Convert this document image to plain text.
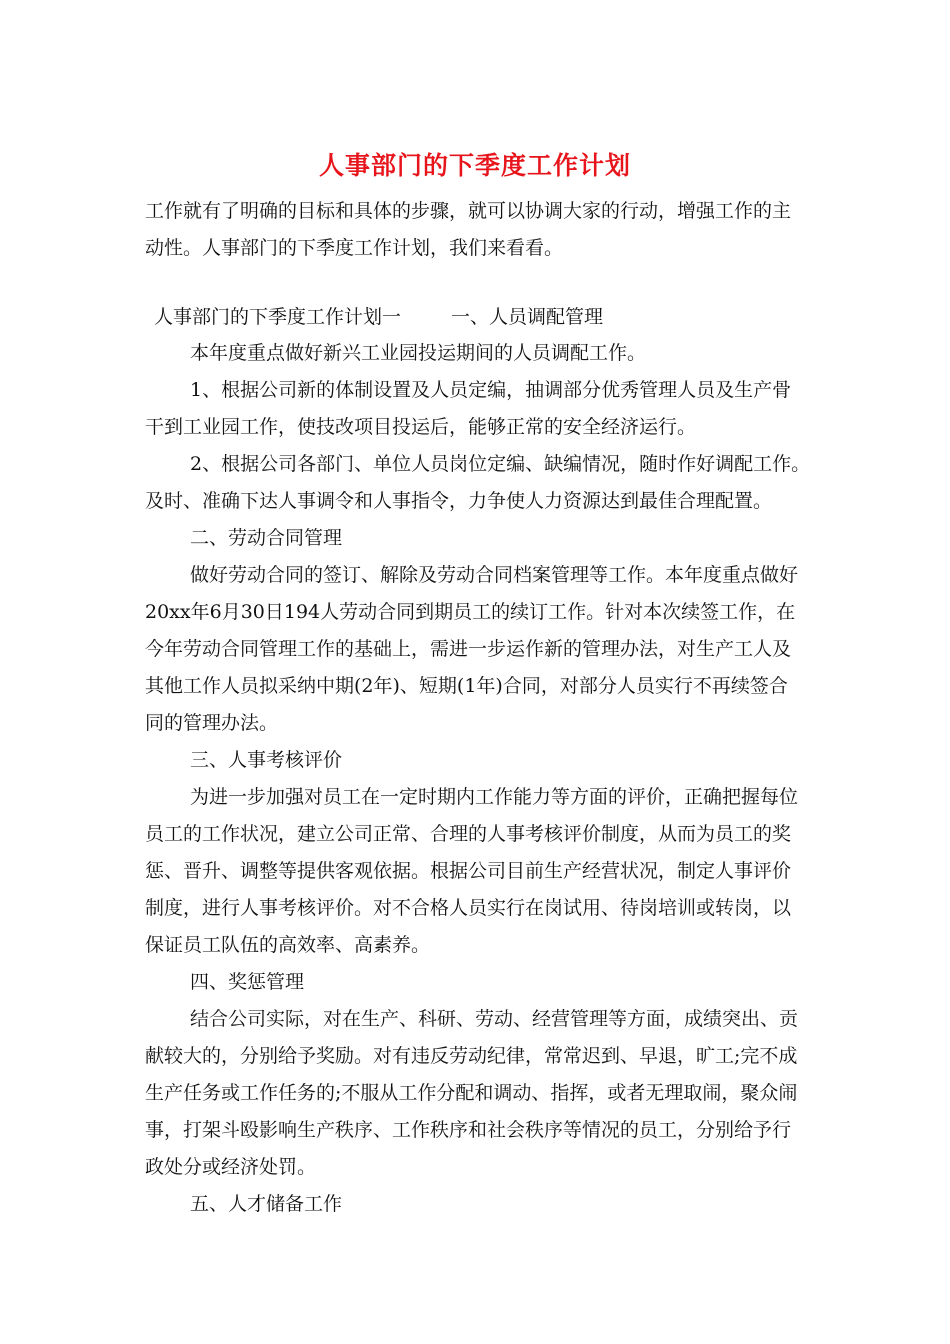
人事部门的下季度工作计划
工作就有了明确的目标和具体的步骤，就可以协调大家的行动，增强工作的主
动性。人事部门的下季度工作计划，我们来看看。
人事部门的下季度工作计划一	一、人员调配管理
本年度重点做好新兴工业园投运期间的人员调配工作。
1、根据公司新的体制设置及人员定编，抽调部分优秀管理人员及生产骨
干到工业园工作，使技改项目投运后，能够正常的安全经济运行。
2、根据公司各部门、单位人员岗位定编、缺编情况，随时作好调配工作。
及时、准确下达人事调令和人事指令，力争使人力资源达到最佳合理配置。
二、劳动合同管理
做好劳动合同的签订、解除及劳动合同档案管理等工作。本年度重点做好
20xx年6月30日194人劳动合同到期员工的续订工作。针对本次续签工作，在
今年劳动合同管理工作的基础上，需进一步运作新的管理办法，对生产工人及
其他工作人员拟采纳中期(2年)、短期(1年)合同，对部分人员实行不再续签合
同的管理办法。
三、人事考核评价
为进一步加强对员工在一定时期内工作能力等方面的评价，正确把握每位
员工的工作状况，建立公司正常、合理的人事考核评价制度，从而为员工的奖
惩、晋升、调整等提供客观依据。根据公司目前生产经营状况，制定人事评价
制度，进行人事考核评价。对不合格人员实行在岗试用、待岗培训或转岗，以
保证员工队伍的高效率、高素养。
四、奖惩管理
结合公司实际，对在生产、科研、劳动、经营管理等方面，成绩突出、贡
献较大的，分别给予奖励。对有违反劳动纪律，常常迟到、早退，旷工;完不成
生产任务或工作任务的;不服从工作分配和调动、指挥，或者无理取闹，聚众闹
事，打架斗殴影响生产秩序、工作秩序和社会秩序等情况的员工，分别给予行
政处分或经济处罚。
五、人才储备工作
